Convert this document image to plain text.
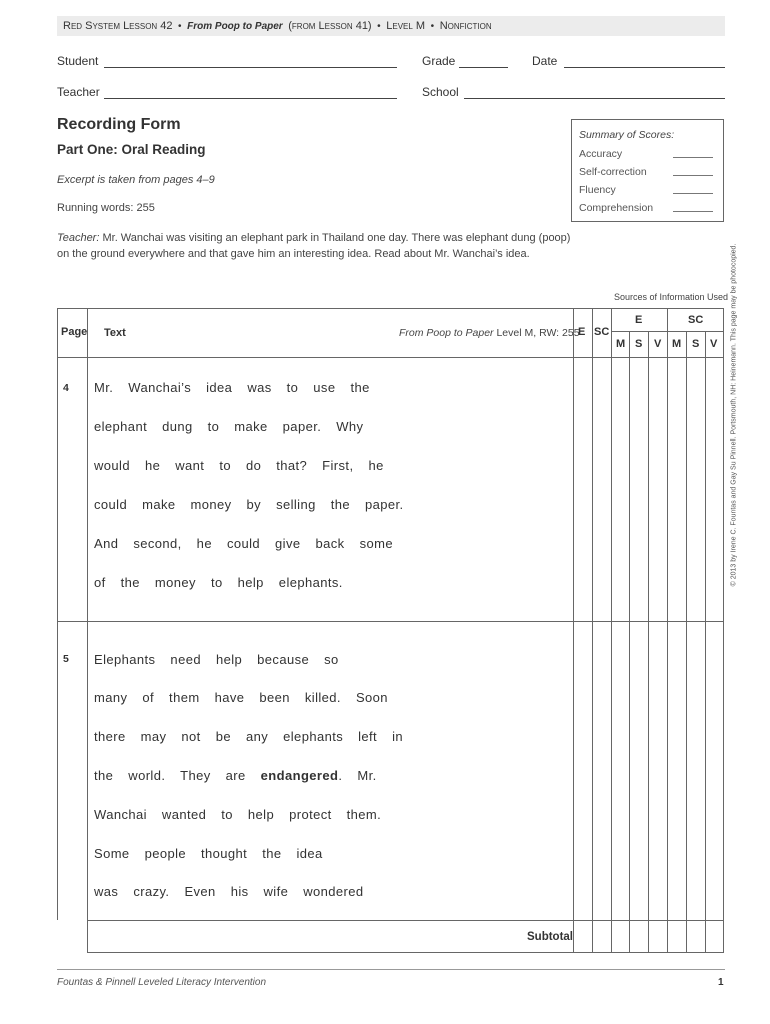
Red System Lesson 42 • From Poop to Paper (from Lesson 41) • Level M • Nonfiction
Student	Grade	Date
Teacher	School
Recording Form
Part One: Oral Reading
Excerpt is taken from pages 4–9
Running words: 255
Teacher: Mr. Wanchai was visiting an elephant park in Thailand one day. There was elephant dung (poop)
on the ground everywhere and that gave him an interesting idea. Read about Mr. Wanchai’s idea.
Summary of Scores:
Accuracy
Self-correction
Fluency
Comprehension
© 2013 by Irene C. Fountas and Gay Su Pinnell. Portsmouth, NH: Heinemann. This page may be photocopied.
Sources of Information Used
Page Text	From Poop to Paper Level M, RW: 255
E SC
E	SC
M S V M S V
4 Mr. Wanchai’s idea was to use the
elephant dung to make paper. Why
would he want to do that? First, he
could make money by selling the paper.
And second, he could give back some
of the money to help elephants.
5 Elephants need help because so
many of them have been killed. Soon
there may not be any elephants left in
the world. They are endangered. Mr.
Wanchai wanted to help protect them.
Some people thought the idea
was crazy. Even his wife wondered
Subtotal
Fountas & Pinnell Leveled Literacy Intervention	1
